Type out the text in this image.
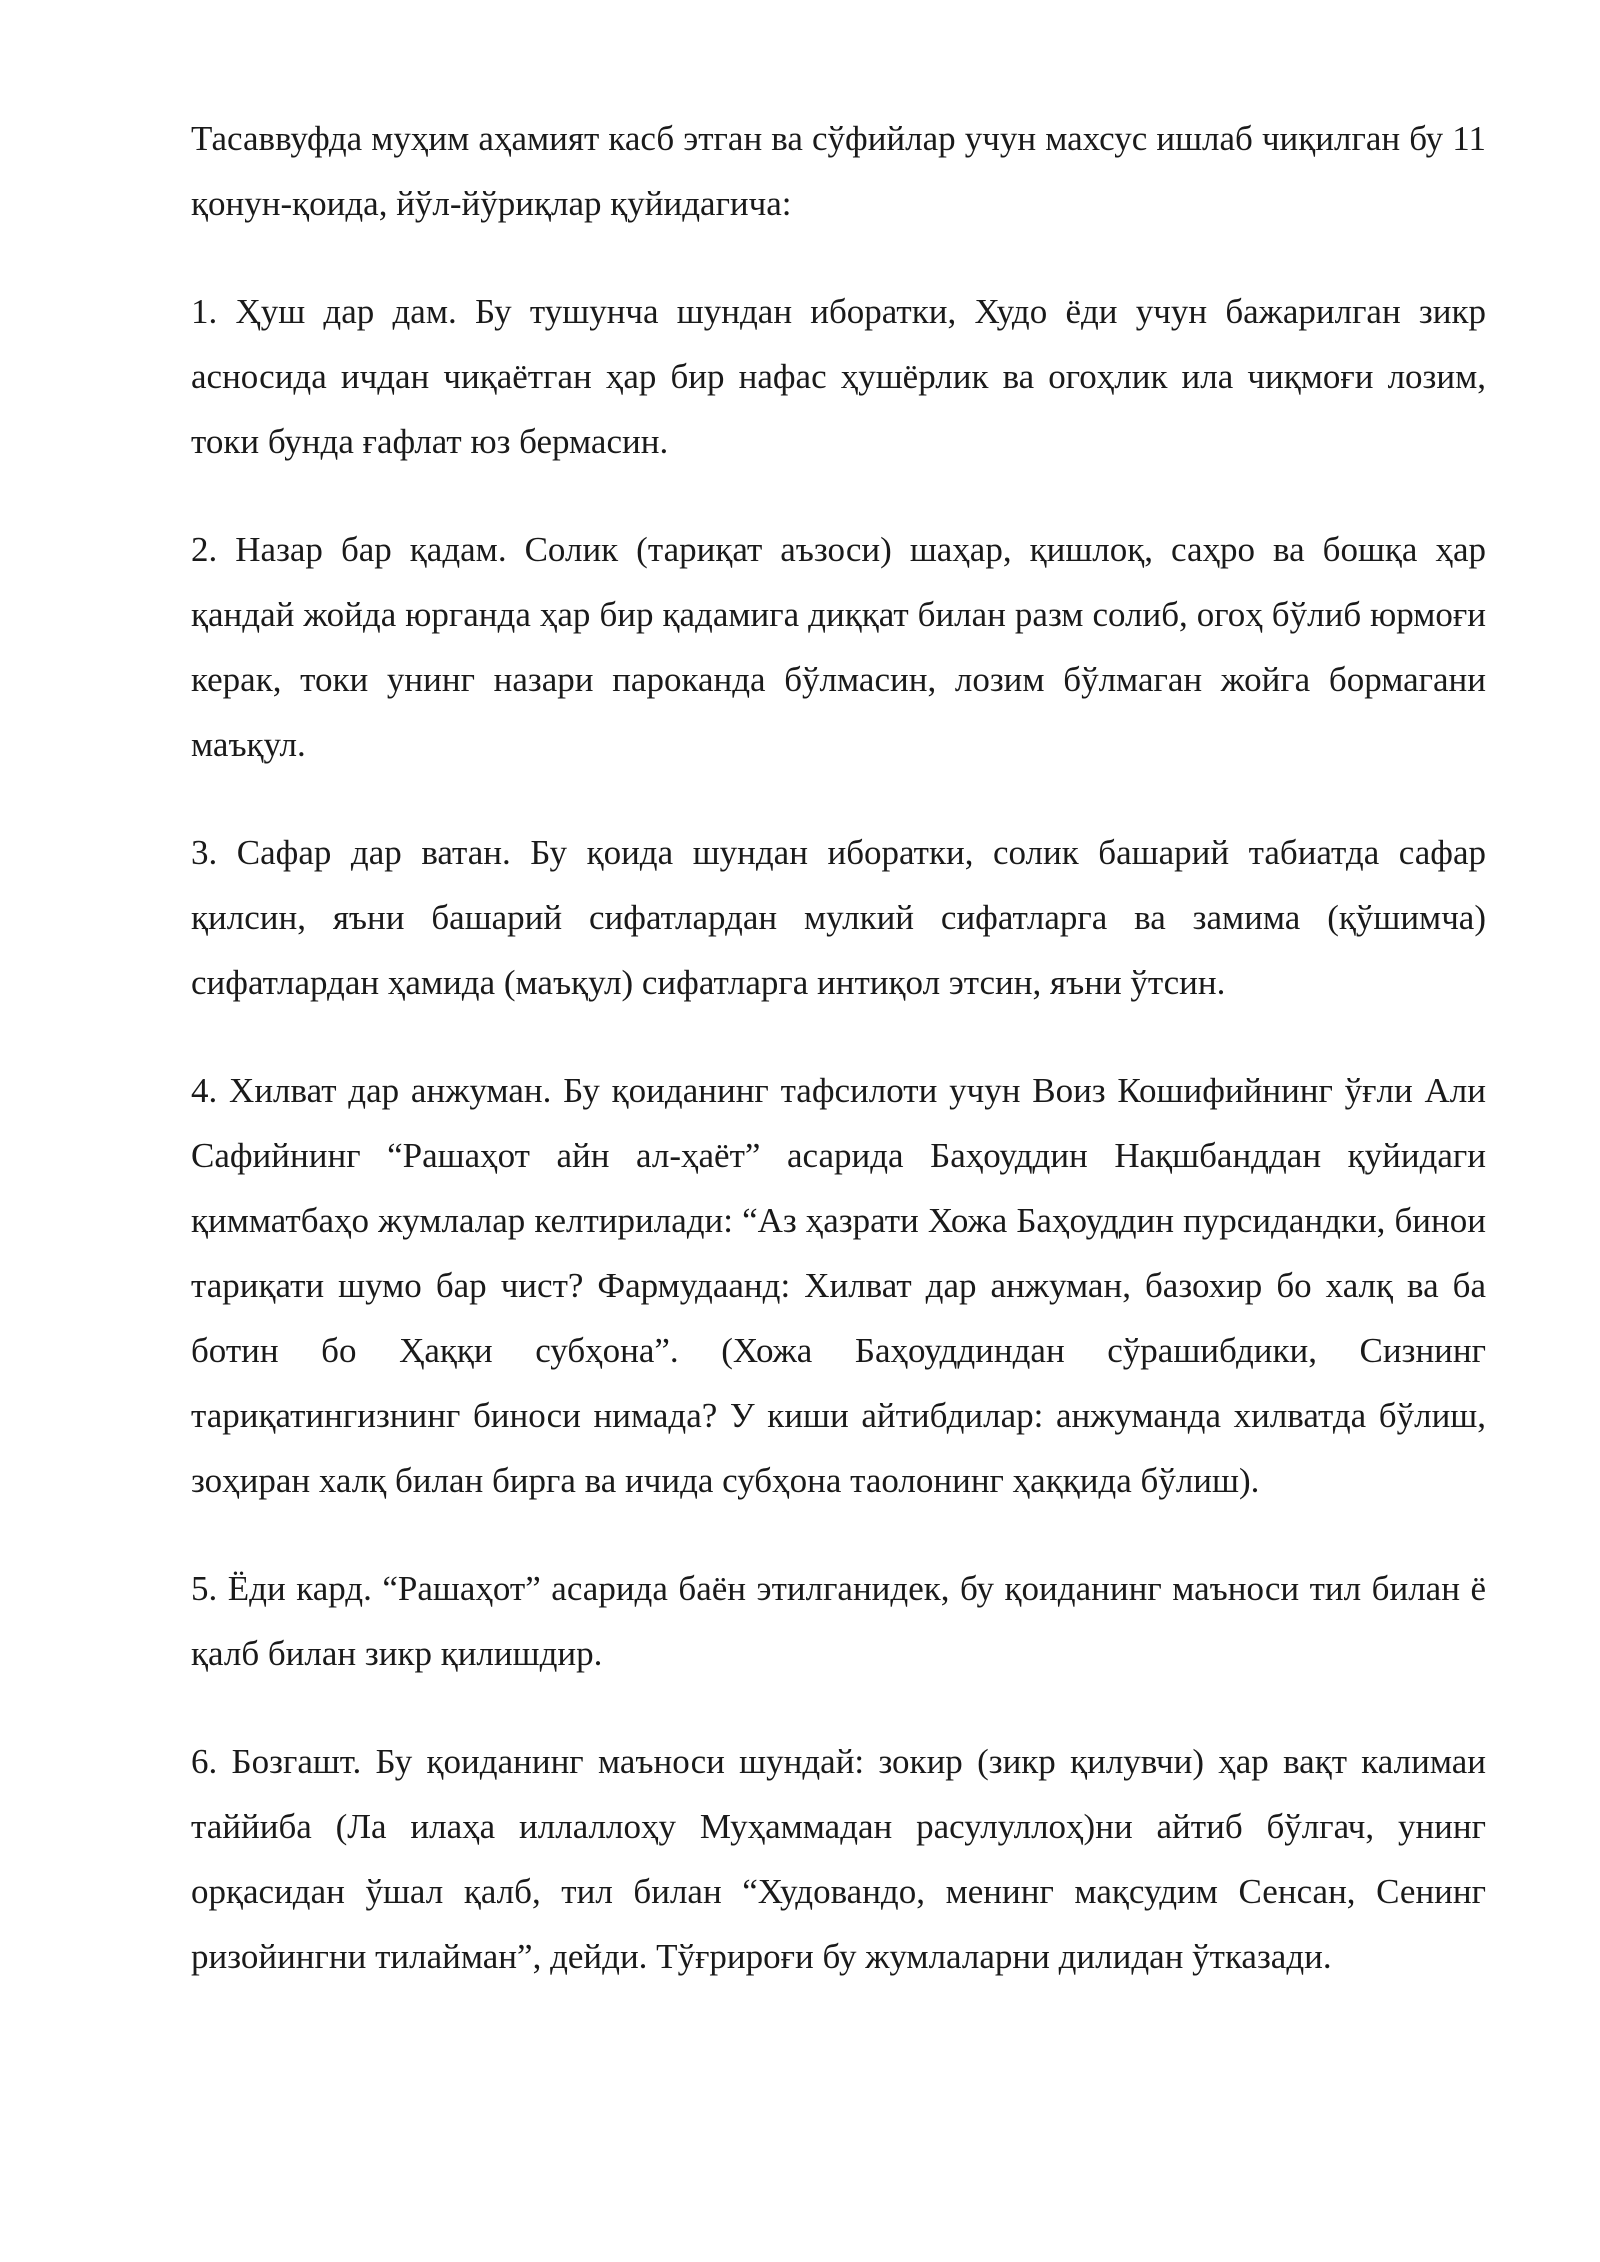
Тасаввуфда муҳим аҳамият касб этган ва сўфийлар учун махсус ишлаб чиқилган бу 11 қонун-қоида, йўл-йўриқлар қуйидагича:

1. Ҳуш дар дам. Бу тушунча шундан иборатки, Худо ёди учун бажарилган зикр асносида ичдан чиқаётган ҳар бир нафас ҳушёрлик ва огоҳлик ила чиқмоғи лозим, токи бунда ғафлат юз бермасин.

2. Назар бар қадам. Солик (тариқат аъзоси) шаҳар, қишлоқ, саҳро ва бошқа ҳар қандай жойда юрганда ҳар бир қадамига диққат билан разм солиб, огоҳ бўлиб юрмоғи керак, токи унинг назари пароканда бўлмасин, лозим бўлмаган жойга бормагани маъқул.

3. Сафар дар ватан. Бу қоида шундан иборатки, солик башарий табиатда сафар қилсин, яъни башарий сифатлардан мулкий сифатларга ва замима (қўшимча) сифатлардан ҳамида (маъқул) сифатларга интиқол этсин, яъни ўтсин.

4. Хилват дар анжуман. Бу қоиданинг тафсилоти учун Воиз Кошифийнинг ўғли Али Сафийнинг “Рашаҳот айн ал-ҳаёт” асарида Баҳоуддин Нақшбанддан қуйидаги қимматбаҳо жумлалар келтирилади: “Аз ҳазрати Хожа Баҳоуддин пурсидандки, бинои тариқати шумо бар чист? Фармудаанд: Хилват дар анжуман, базохир бо халқ ва ба ботин бо Ҳаққи субҳона”. (Хожа Баҳоуддиндан сўрашибдики, Сизнинг тариқатингизнинг биноси нимада? У киши айтибдилар: анжуманда хилватда бўлиш, зоҳиран халқ билан бирга ва ичида субҳона таолонинг ҳаққида бўлиш).

5. Ёди кард. “Рашаҳот” асарида баён этилганидек, бу қоиданинг маъноси тил билан ё қалб билан зикр қилишдир.

6. Бозгашт. Бу қоиданинг маъноси шундай: зокир (зикр қилувчи) ҳар вақт калимаи таййиба (Ла илаҳа иллаллоҳу Муҳаммадан расулуллоҳ)ни айтиб бўлгач, унинг орқасидан ўшал қалб, тил билан “Худовандо, менинг мақсудим Сенсан, Сенинг ризойингни тилайман”, дейди. Тўғрироғи бу жумлаларни дилидан ўтказади.
